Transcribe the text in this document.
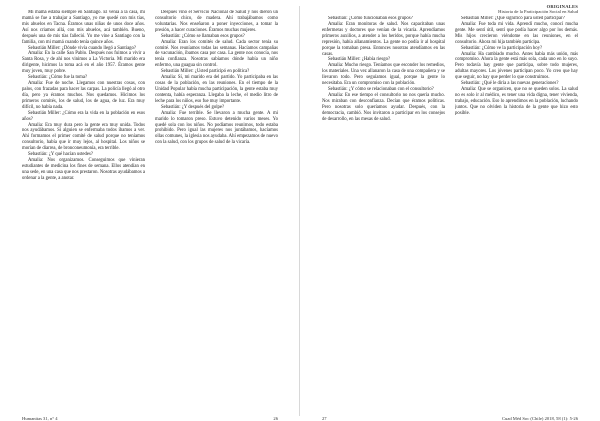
Mi mamá estaba siempre en Santiago. Él venía a la casa, mi mamá se fue a trabajar a Santiago, yo me quedé con mis tías, mis abuelos en Tacna. Éramos unas niñas de unos doce años. Así nos criamos allá, con mis abuelos, acá también. Bueno, después una de mis tías falleció. Yo me vine a Santiago con la familia, con mi mamá cuando tenía quince años.

Sebastián Miller: ¿Dónde vivía cuando llegó a Santiago?

Amalia: En la calle San Pablo. Después nos fuimos a vivir a Santa Rosa, y de ahí nos vinimos a La Victoria. Mi marido era dirigente, hicimos la toma acá en el año 1957. Éramos gente muy joven, muy pobre.

Sebastián: ¿Cómo fue la toma?

Amalia: Fue de noche. Llegamos con nuestras cosas, con palos, con frazadas para hacer las carpas. La policía llegó al otro día, pero ya éramos muchos. Nos quedamos. Hicimos los primeros comités, los de salud, los de agua, de luz. Era muy difícil, no había nada.

Sebastián Miller: ¿Cómo era la vida en la población en esos años?

Amalia: Era muy dura pero la gente era muy unida. Todos nos ayudábamos. Si alguien se enfermaba todos íbamos a ver. Ahí formamos el primer comité de salud porque no teníamos consultorio, había que ir muy lejos, al hospital. Los niños se morían de diarrea, de bronconeumonía, era terrible.

Sebastián: ¿Y qué hacían ustedes?

Amalia: Nos organizamos. Conseguimos que vinieran estudiantes de medicina los fines de semana. Ellos atendían en una sede, en una casa que nos prestaron. Nosotras ayudábamos a ordenar a la gente, a anotar.

Después vino el Servicio Nacional de Salud y nos dieron un consultorio chico, de madera. Ahí trabajábamos como voluntarias. Nos enseñaron a poner inyecciones, a tomar la presión, a hacer curaciones. Éramos muchas mujeres.

Sebastián: ¿Cómo se llamaban esos grupos?

Amalia: Eran los comités de salud. Cada sector tenía su comité. Nos reuníamos todas las semanas. Hacíamos campañas de vacunación, íbamos casa por casa. La gente nos conocía, nos tenía confianza. Nosotras sabíamos dónde había un niño enfermo, una guagua sin control.

Sebastián Miller: ¿Usted participó en política?

Amalia: Sí, mi marido era del partido. Yo participaba en las cosas de la población, en las reuniones. En el tiempo de la Unidad Popular había mucha participación, la gente estaba muy contenta, había esperanza. Llegaba la leche, el medio litro de leche para los niños, eso fue muy importante.

Sebastián: ¿Y después del golpe?

Amalia: Fue terrible. Se llevaron a mucha gente. A mi marido lo tomaron preso. Estuvo detenido varios meses. Yo quedé sola con los niños. No podíamos reunirnos, todo estaba prohibido. Pero igual las mujeres nos juntábamos, hacíamos ollas comunes, la iglesia nos ayudaba. Ahí empezamos de nuevo con la salud, con los grupos de salud de la vicaría.

Humanitas 31, n° 4	26
ORIGINALES
Historia de la Participación Social en Salud

Sebastián: ¿Cómo funcionaban esos grupos?

Amalia: Eran monitoras de salud. Nos capacitaban unas enfermeras y doctores que venían de la vicaría. Aprendíamos primeros auxilios, a atender a los heridos, porque había mucha represión, había allanamientos. La gente no podía ir al hospital porque la tomaban presa. Entonces nosotras atendíamos en las casas.

Sebastián Miller: ¿Había riesgo?

Amalia: Mucho riesgo. Teníamos que esconder los remedios, los materiales. Una vez allanaron la casa de una compañera y se llevaron todo. Pero seguíamos igual, porque la gente lo necesitaba. Era un compromiso con la población.

Sebastián: ¿Y cómo se relacionaban con el consultorio?

Amalia: En ese tiempo el consultorio no nos quería mucho. Nos miraban con desconfianza. Decían que éramos políticas. Pero nosotras solo queríamos ayudar. Después, con la democracia, cambió. Nos invitaron a participar en los consejos de desarrollo, en las mesas de salud.

Sebastián Miller: ¿Qué significó para usted participar?

Amalia: Fue toda mi vida. Aprendí mucho, conocí mucha gente. Me sentí útil, sentí que podía hacer algo por los demás. Mis hijos crecieron viéndome en las reuniones, en el consultorio. Ahora mi hija también participa.

Sebastián: ¿Cómo ve la participación hoy?

Amalia: Ha cambiado mucho. Antes había más unión, más compromiso. Ahora la gente está más sola, cada uno en lo suyo. Pero todavía hay gente que participa, sobre todo mujeres, adultas mayores. Los jóvenes participan poco. Yo creo que hay que seguir, no hay que perder lo que construimos.

Sebastián: ¿Qué le diría a las nuevas generaciones?

Amalia: Que se organicen, que no se queden solos. La salud no es solo ir al médico, es tener una vida digna, tener vivienda, trabajo, educación. Eso lo aprendimos en la población, luchando juntos. Que no olviden la historia de la gente que hizo esto posible.

27	Cuad Méd Soc (Chile) 2018, 58 (1): 5-26
